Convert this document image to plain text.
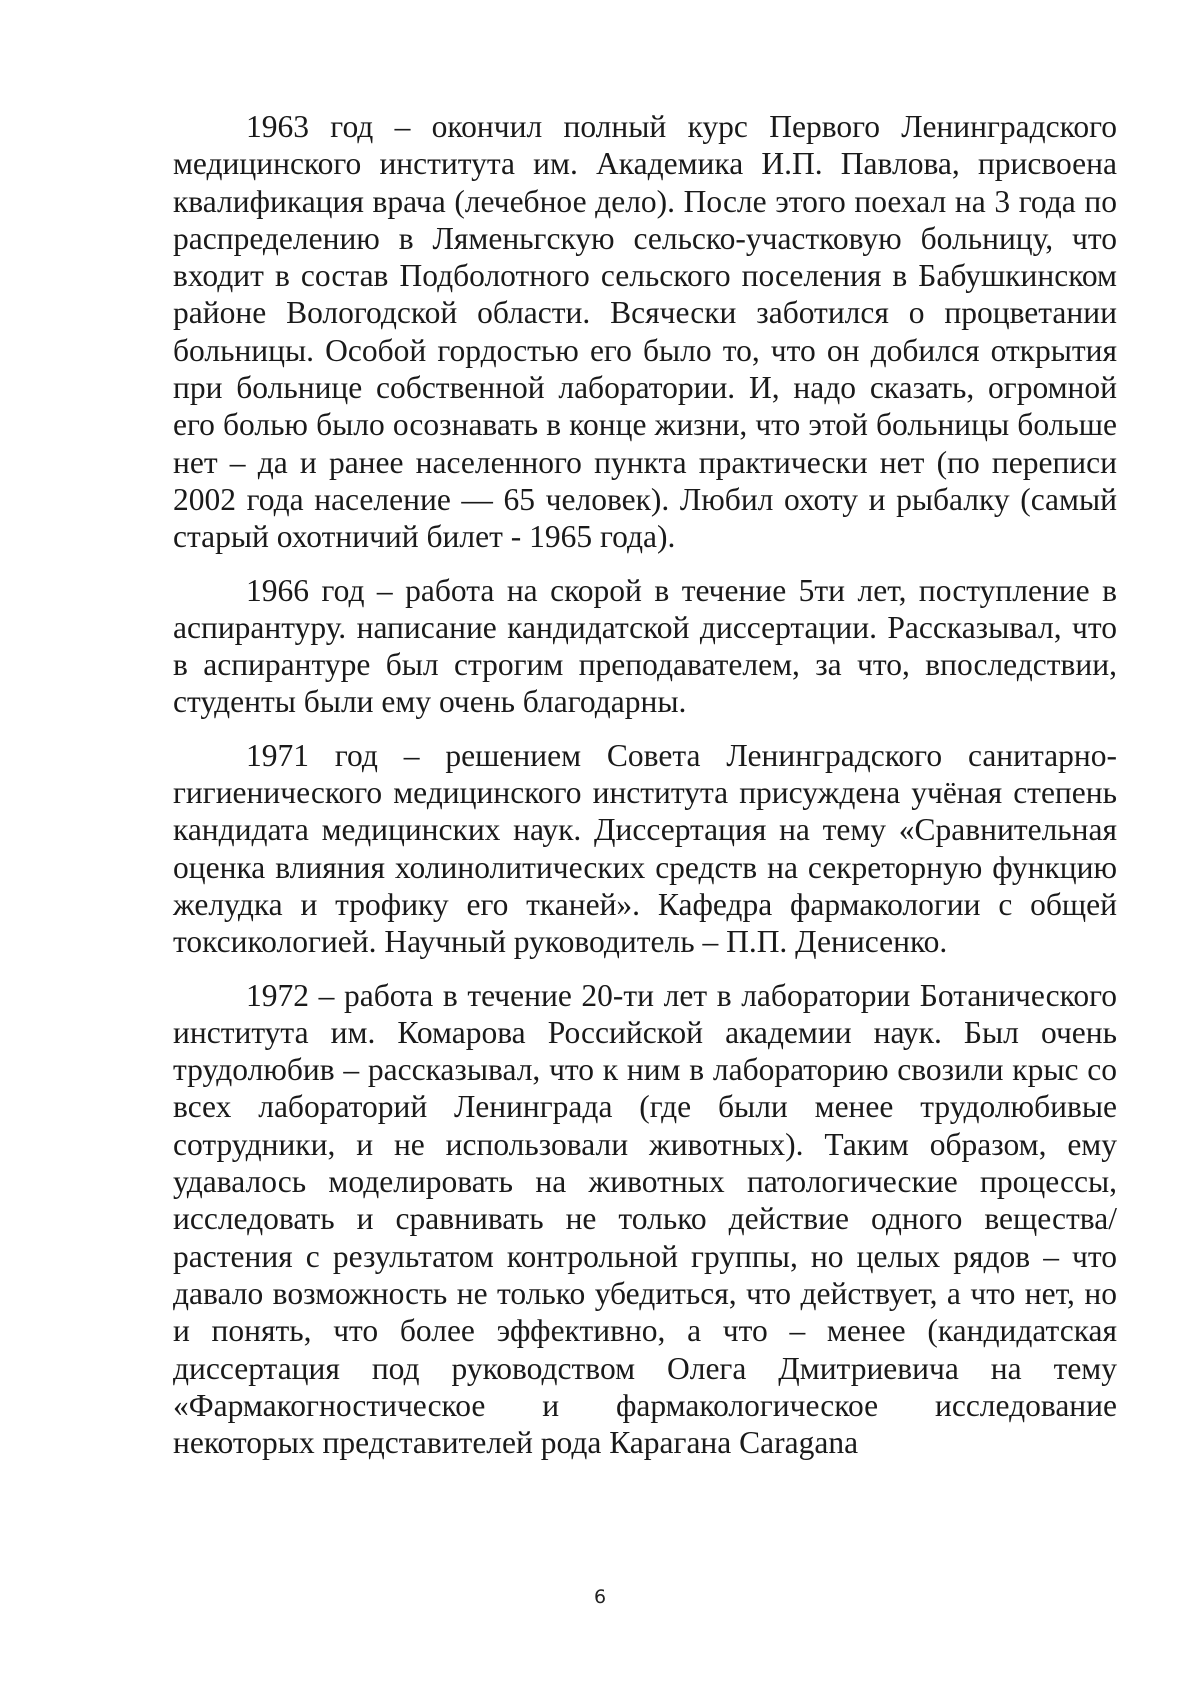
1963 год – окончил полный курс Первого Ленинградского медицинского института им. Академика И.П. Павлова, присвоена квалификация врача (лечебное дело). После этого поехал на 3 года по распределению в Ляменьгскую сельско-участковую больницу, что входит в состав Подболотного сельского поселения в Бабушкинском районе Вологодской области. Всячески заботился о процветании больницы. Особой гордостью его было то, что он добился открытия при больнице собственной лаборатории. И, надо сказать, огромной его болью было осознавать в конце жизни, что этой больницы больше нет – да и ранее населенного пункта практически нет (по переписи 2002 года население — 65 человек). Любил охоту и рыбалку (самый старый охотничий билет - 1965 года).

1966 год – работа на скорой в течение 5ти лет, поступление в аспирантуру. написание кандидатской диссертации. Рассказывал, что в аспирантуре был строгим преподавателем, за что, впоследствии, студенты были ему очень благодарны.

1971 год – решением Совета Ленинградского санитарно-гигиенического медицинского института присуждена учёная степень кандидата медицинских наук. Диссертация на тему «Сравнительная оценка влияния холинолитических средств на секреторную функцию желудка и трофику его тканей». Кафедра фармакологии с общей токсикологией. Научный руководитель – П.П. Денисенко.

1972 – работа в течение 20-ти лет в лаборатории Ботанического института им. Комарова Российской академии наук. Был очень трудолюбив – рассказывал, что к ним в лабораторию свозили крыс со всех лабораторий Ленинграда (где были менее трудолюбивые сотрудники, и не использовали животных). Таким образом, ему удавалось моделировать на животных патологические процессы, исследовать и сравнивать не только действие одного вещества/растения с результатом контрольной группы, но целых рядов – что давало возможность не только убедиться, что действует, а что нет, но и понять, что более эффективно, а что – менее (кандидатская диссертация под руководством Олега Дмитриевича на тему «Фармакогностическое и фармакологическое исследование некоторых представителей рода Карагана Caragana

6
